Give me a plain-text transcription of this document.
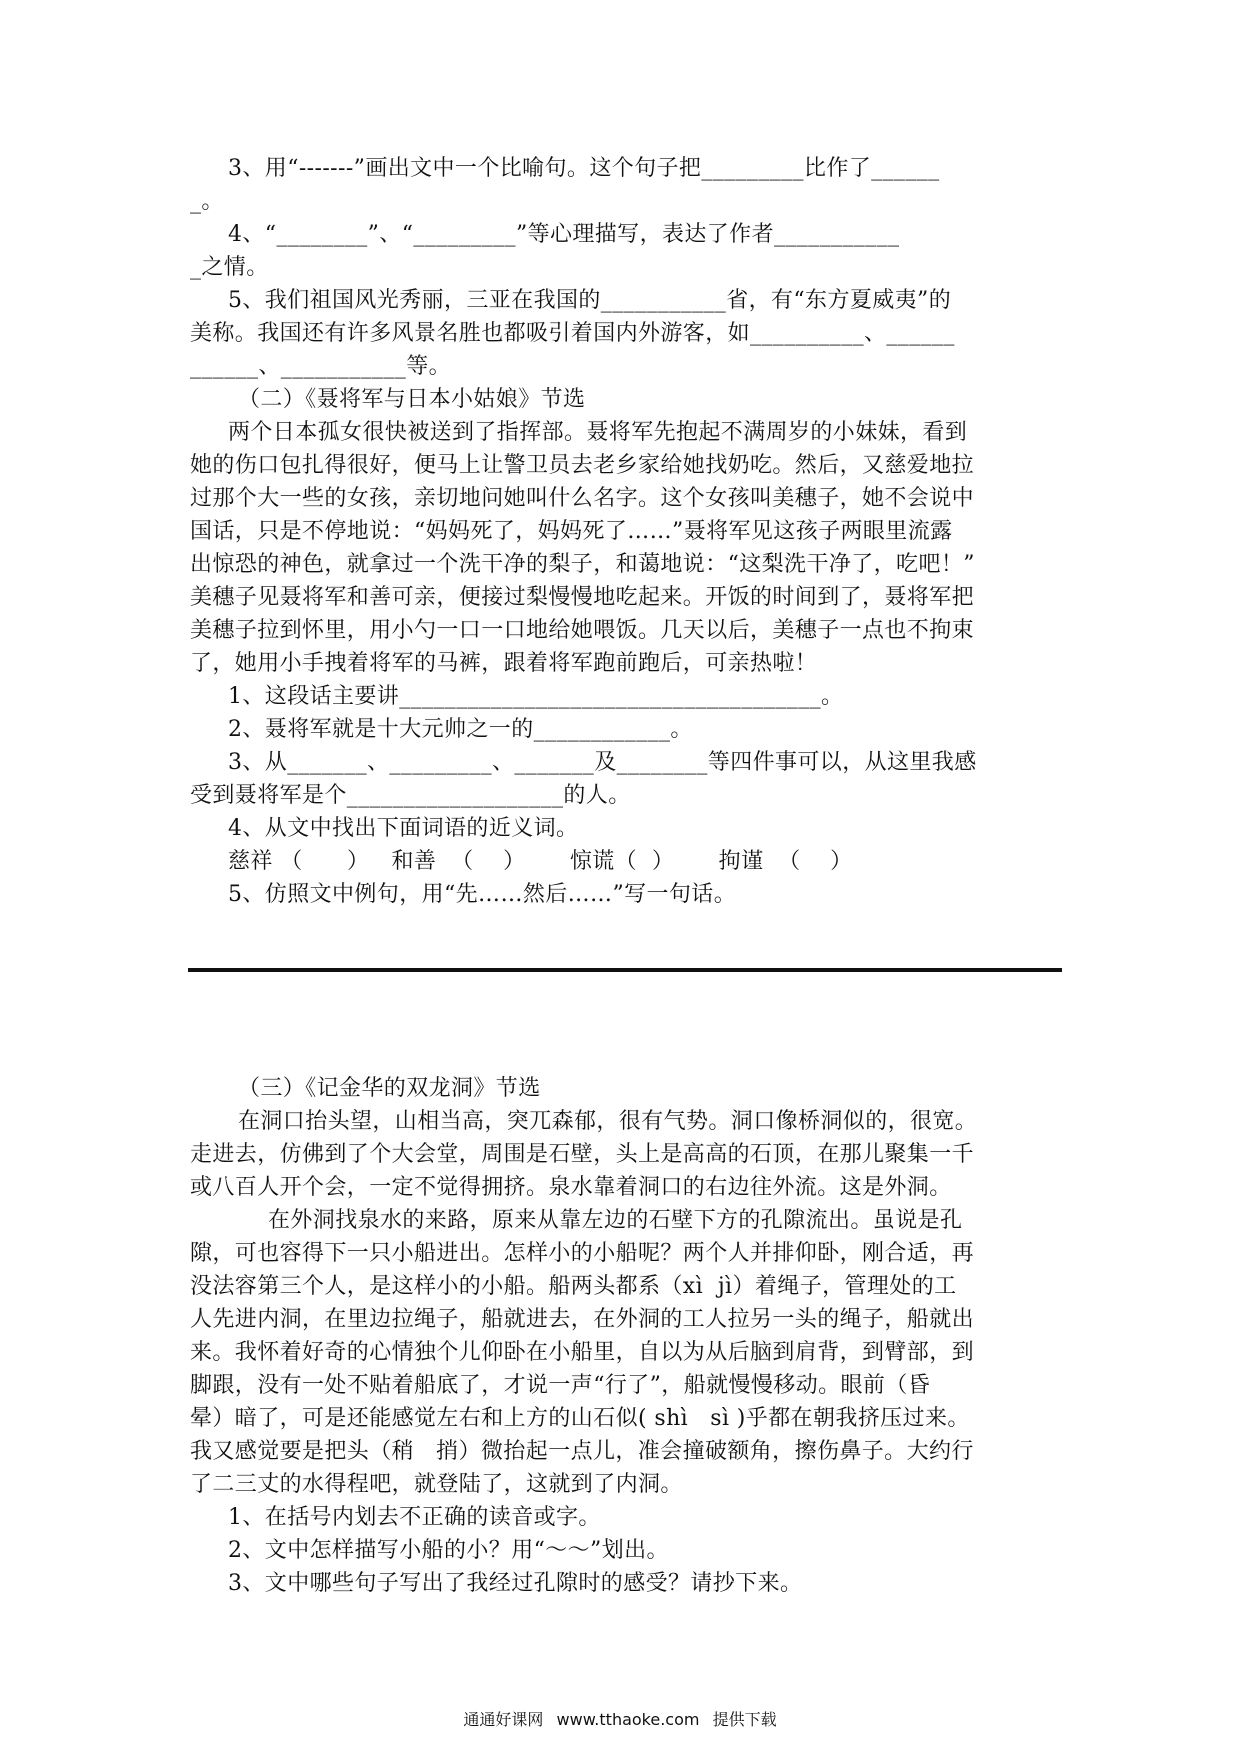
3、用“-------”画出文中一个比喻句。这个句子把_________比作了______
_。
4、“________”、“_________”等心理描写，表达了作者___________
_之情。
5、我们祖国风光秀丽，三亚在我国的___________省，有“东方夏威夷”的
美称。我国还有许多风景名胜也都吸引着国内外游客，如__________、______
______、___________等。
（二）《聂将军与日本小姑娘》节选
两个日本孤女很快被送到了指挥部。聂将军先抱起不满周岁的小妹妹，看到
她的伤口包扎得很好，便马上让警卫员去老乡家给她找奶吃。然后，又慈爱地拉
过那个大一些的女孩，亲切地问她叫什么名字。这个女孩叫美穗子，她不会说中
国话，只是不停地说：“妈妈死了，妈妈死了……”聂将军见这孩子两眼里流露
出惊恐的神色，就拿过一个洗干净的梨子，和蔼地说：“这梨洗干净了，吃吧！”
美穗子见聂将军和善可亲，便接过梨慢慢地吃起来。开饭的时间到了，聂将军把
美穗子拉到怀里，用小勺一口一口地给她喂饭。几天以后，美穗子一点也不拘束
了，她用小手拽着将军的马裤，跟着将军跑前跑后，可亲热啦！
1、这段话主要讲_____________________________________。
2、聂将军就是十大元帅之一的____________。
3、从_______、_________、_______及________等四件事可以，从这里我感
受到聂将军是个___________________的人。
4、从文中找出下面词语的近义词。
慈祥 （      ）   和善  （    ）      惊谎（  ）      拘谨  （    ）
5、仿照文中例句，用“先……然后……”写一句话。
（三）《记金华的双龙洞》节选
在洞口抬头望，山相当高，突兀森郁，很有气势。洞口像桥洞似的，很宽。
走进去，仿佛到了个大会堂，周围是石壁，头上是高高的石顶，在那儿聚集一千
或八百人开个会，一定不觉得拥挤。泉水靠着洞口的右边往外流。这是外洞。
在外洞找泉水的来路，原来从靠左边的石壁下方的孔隙流出。虽说是孔
隙，可也容得下一只小船进出。怎样小的小船呢？两个人并排仰卧，刚合适，再
没法容第三个人，是这样小的小船。船两头都系（xì  jì）着绳子，管理处的工
人先进内洞，在里边拉绳子，船就进去，在外洞的工人拉另一头的绳子，船就出
来。我怀着好奇的心情独个儿仰卧在小船里，自以为从后脑到肩背，到臂部，到
脚跟，没有一处不贴着船底了，才说一声“行了”，船就慢慢移动。眼前（昏
晕）暗了，可是还能感觉左右和上方的山石似( shì   sì )乎都在朝我挤压过来。
我又感觉要是把头（稍   捎）微抬起一点儿，准会撞破额角，擦伤鼻子。大约行
了二三丈的水得程吧，就登陆了，这就到了内洞。
1、在括号内划去不正确的读音或字。
2、文中怎样描写小船的小？用“～～”划出。
3、文中哪些句子写出了我经过孔隙时的感受？请抄下来。
通通好课网 www.tthaoke.com 提供下载
